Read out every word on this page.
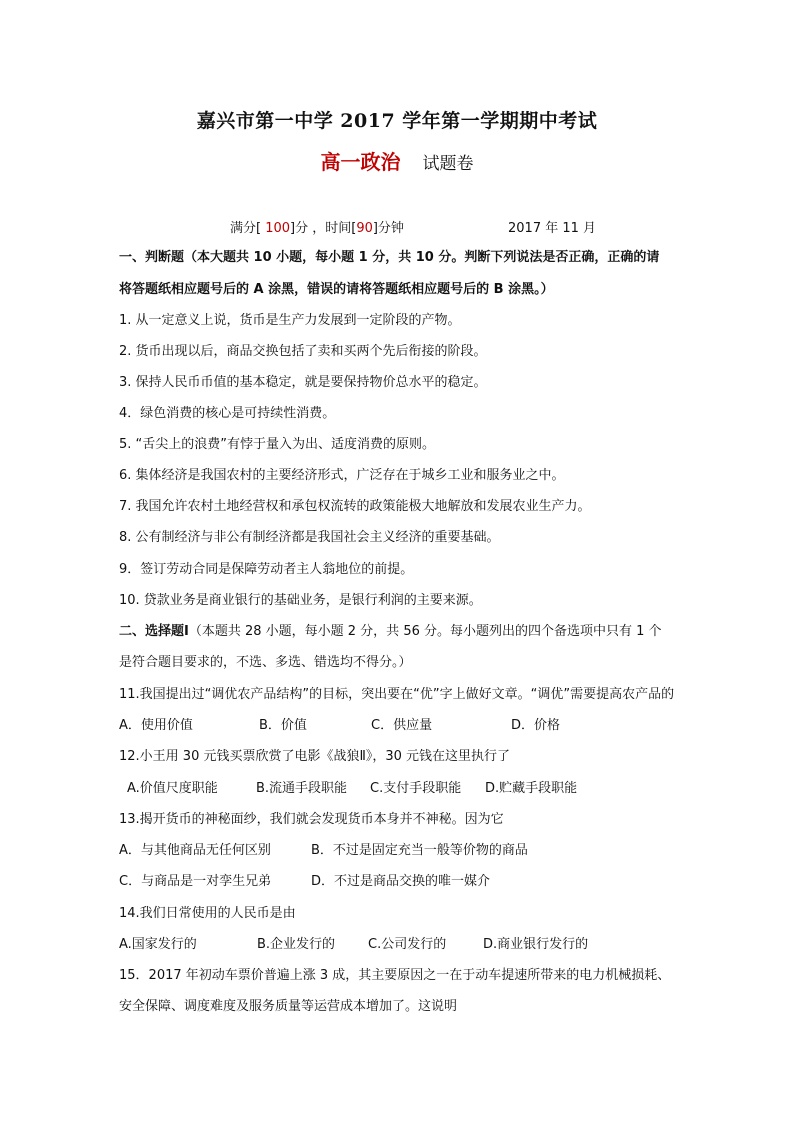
嘉兴市第一中学 2017 学年第一学期期中考试
高一政治 试题卷
满分[ 100]分 ，时间[90]分钟	2017 年 11 月
一、判断题（本大题共 10 小题，每小题 1 分，共 10 分。判断下列说法是否正确，正确的请
将答题纸相应题号后的 A 涂黑，错误的请将答题纸相应题号后的 B 涂黑。）
1. 从一定意义上说，货币是生产力发展到一定阶段的产物。
2. 货币出现以后，商品交换包括了卖和买两个先后衔接的阶段。
3. 保持人民币币值的基本稳定，就是要保持物价总水平的稳定。
4．绿色消费的核心是可持续性消费。
5. “舌尖上的浪费”有悖于量入为出、适度消费的原则。
6. 集体经济是我国农村的主要经济形式，广泛存在于城乡工业和服务业之中。
7. 我国允许农村土地经营权和承包权流转的政策能极大地解放和发展农业生产力。
8. 公有制经济与非公有制经济都是我国社会主义经济的重要基础。
9．签订劳动合同是保障劳动者主人翁地位的前提。
10. 贷款业务是商业银行的基础业务，是银行利润的主要来源。
二、选择题Ⅰ（本题共 28 小题，每小题 2 分，共 56 分。每小题列出的四个备选项中只有 1 个
是符合题目要求的，不选、多选、错选均不得分。）
11.我国提出过“调优农产品结构”的目标，突出要在“优”字上做好文章。“调优”需要提高农产品的
A．使用价值	B．价值	C．供应量	D．价格
12.小王用 30 元钱买票欣赏了电影《战狼Ⅱ》，30 元钱在这里执行了
A.价值尺度职能	B.流通手段职能 C.支付手段职能 D.贮藏手段职能
13.揭开货币的神秘面纱，我们就会发现货币本身并不神秘。因为它
A．与其他商品无任何区别	B．不过是固定充当一般等价物的商品
C．与商品是一对孪生兄弟	D．不过是商品交换的唯一媒介
14.我们日常使用的人民币是由
A.国家发行的	B.企业发行的	C.公司发行的	D.商业银行发行的
15．2017 年初动车票价普遍上涨 3 成，其主要原因之一在于动车提速所带来的电力机械损耗、
安全保障、调度难度及服务质量等运营成本增加了。这说明
